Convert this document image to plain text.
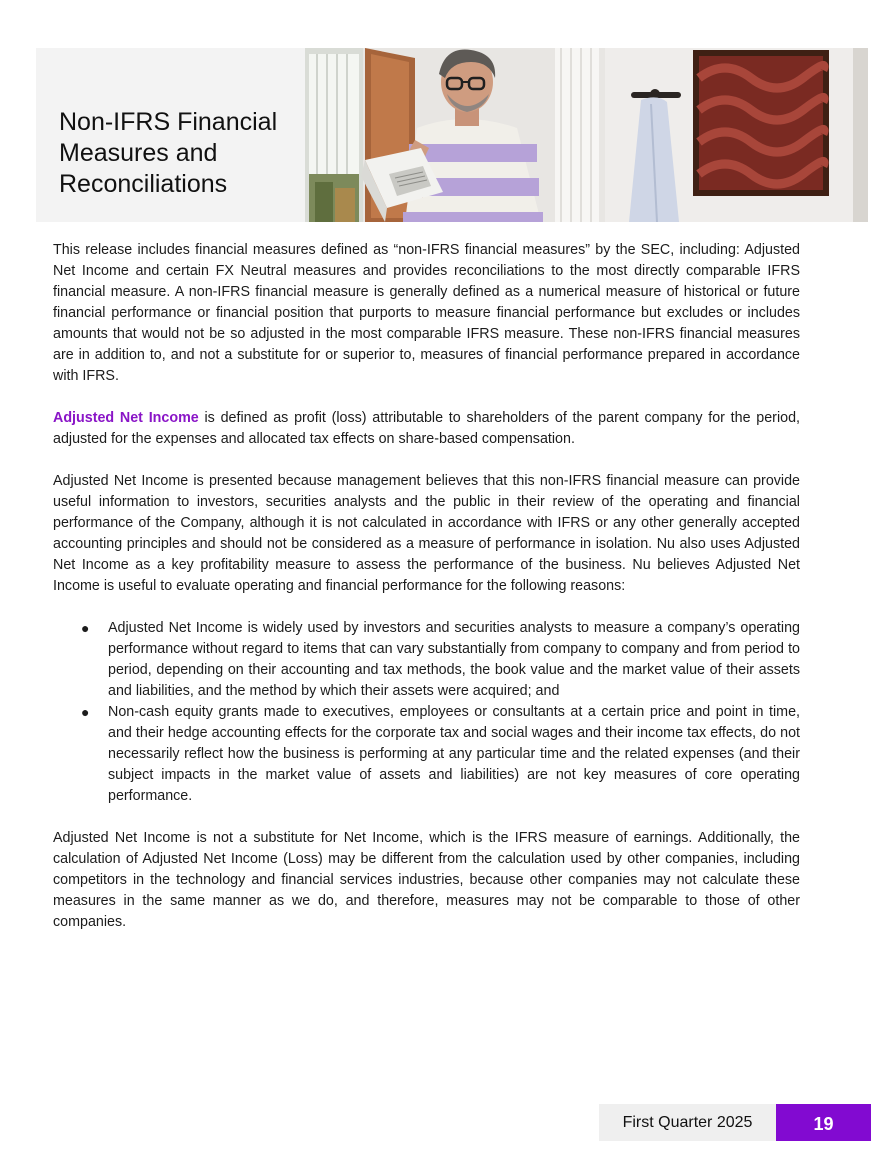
Non-IFRS Financial
Measures and
Reconciliations

This release includes financial measures defined as “non-IFRS financial measures” by the SEC, including: Adjusted Net Income and certain FX Neutral measures and provides reconciliations to the most directly comparable IFRS financial measure. A non-IFRS financial measure is generally defined as a numerical measure of historical or future financial performance or financial position that purports to measure financial performance but excludes or includes amounts that would not be so adjusted in the most comparable IFRS measure. These non-IFRS financial measures are in addition to, and not a substitute for or superior to, measures of financial performance prepared in accordance with IFRS.

Adjusted Net Income is defined as profit (loss) attributable to shareholders of the parent company for the period, adjusted for the expenses and allocated tax effects on share-based compensation.

Adjusted Net Income is presented because management believes that this non-IFRS financial measure can provide useful information to investors, securities analysts and the public in their review of the operating and financial performance of the Company, although it is not calculated in accordance with IFRS or any other generally accepted accounting principles and should not be considered as a measure of performance in isolation. Nu also uses Adjusted Net Income as a key profitability measure to assess the performance of the business. Nu believes Adjusted Net Income is useful to evaluate operating and financial performance for the following reasons:

● Adjusted Net Income is widely used by investors and securities analysts to measure a company’s operating performance without regard to items that can vary substantially from company to company and from period to period, depending on their accounting and tax methods, the book value and the market value of their assets and liabilities, and the method by which their assets were acquired; and
● Non-cash equity grants made to executives, employees or consultants at a certain price and point in time, and their hedge accounting effects for the corporate tax and social wages and their income tax effects, do not necessarily reflect how the business is performing at any particular time and the related expenses (and their subject impacts in the market value of assets and liabilities) are not key measures of core operating performance.

Adjusted Net Income is not a substitute for Net Income, which is the IFRS measure of earnings. Additionally, the calculation of Adjusted Net Income (Loss) may be different from the calculation used by other companies, including competitors in the technology and financial services industries, because other companies may not calculate these measures in the same manner as we do, and therefore, measures may not be comparable to those of other companies.

First Quarter 2025	19
